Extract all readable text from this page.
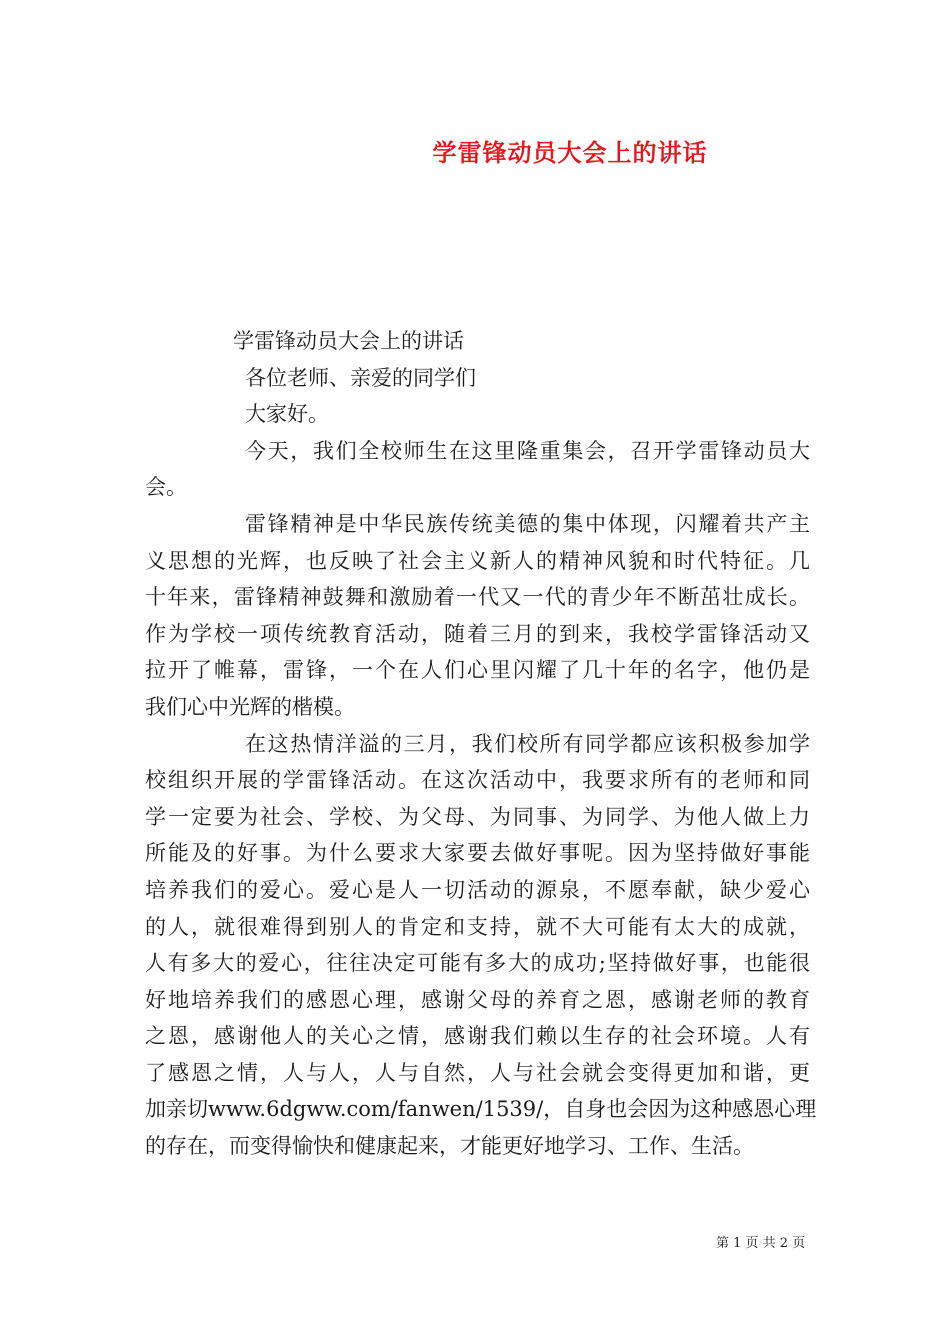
学雷锋动员大会上的讲话
学雷锋动员大会上的讲话
各位老师、亲爱的同学们
大家好。
今天，我们全校师生在这里隆重集会，召开学雷锋动员大
会。
雷锋精神是中华民族传统美德的集中体现，闪耀着共产主
义思想的光辉，也反映了社会主义新人的精神风貌和时代特征。几
十年来，雷锋精神鼓舞和激励着一代又一代的青少年不断茁壮成长。
作为学校一项传统教育活动，随着三月的到来，我校学雷锋活动又
拉开了帷幕，雷锋，一个在人们心里闪耀了几十年的名字，他仍是
我们心中光辉的楷模。
在这热情洋溢的三月，我们校所有同学都应该积极参加学
校组织开展的学雷锋活动。在这次活动中，我要求所有的老师和同
学一定要为社会、学校、为父母、为同事、为同学、为他人做上力
所能及的好事。为什么要求大家要去做好事呢。因为坚持做好事能
培养我们的爱心。爱心是人一切活动的源泉，不愿奉献，缺少爱心
的人，就很难得到别人的肯定和支持，就不大可能有太大的成就，
人有多大的爱心，往往决定可能有多大的成功;坚持做好事，也能很
好地培养我们的感恩心理，感谢父母的养育之恩，感谢老师的教育
之恩，感谢他人的关心之情，感谢我们赖以生存的社会环境。人有
了感恩之情，人与人，人与自然，人与社会就会变得更加和谐，更
加亲切www.6dgww.com/fanwen/1539/，自身也会因为这种感恩心理
的存在，而变得愉快和健康起来，才能更好地学习、工作、生活。
第 1 页 共 2 页
